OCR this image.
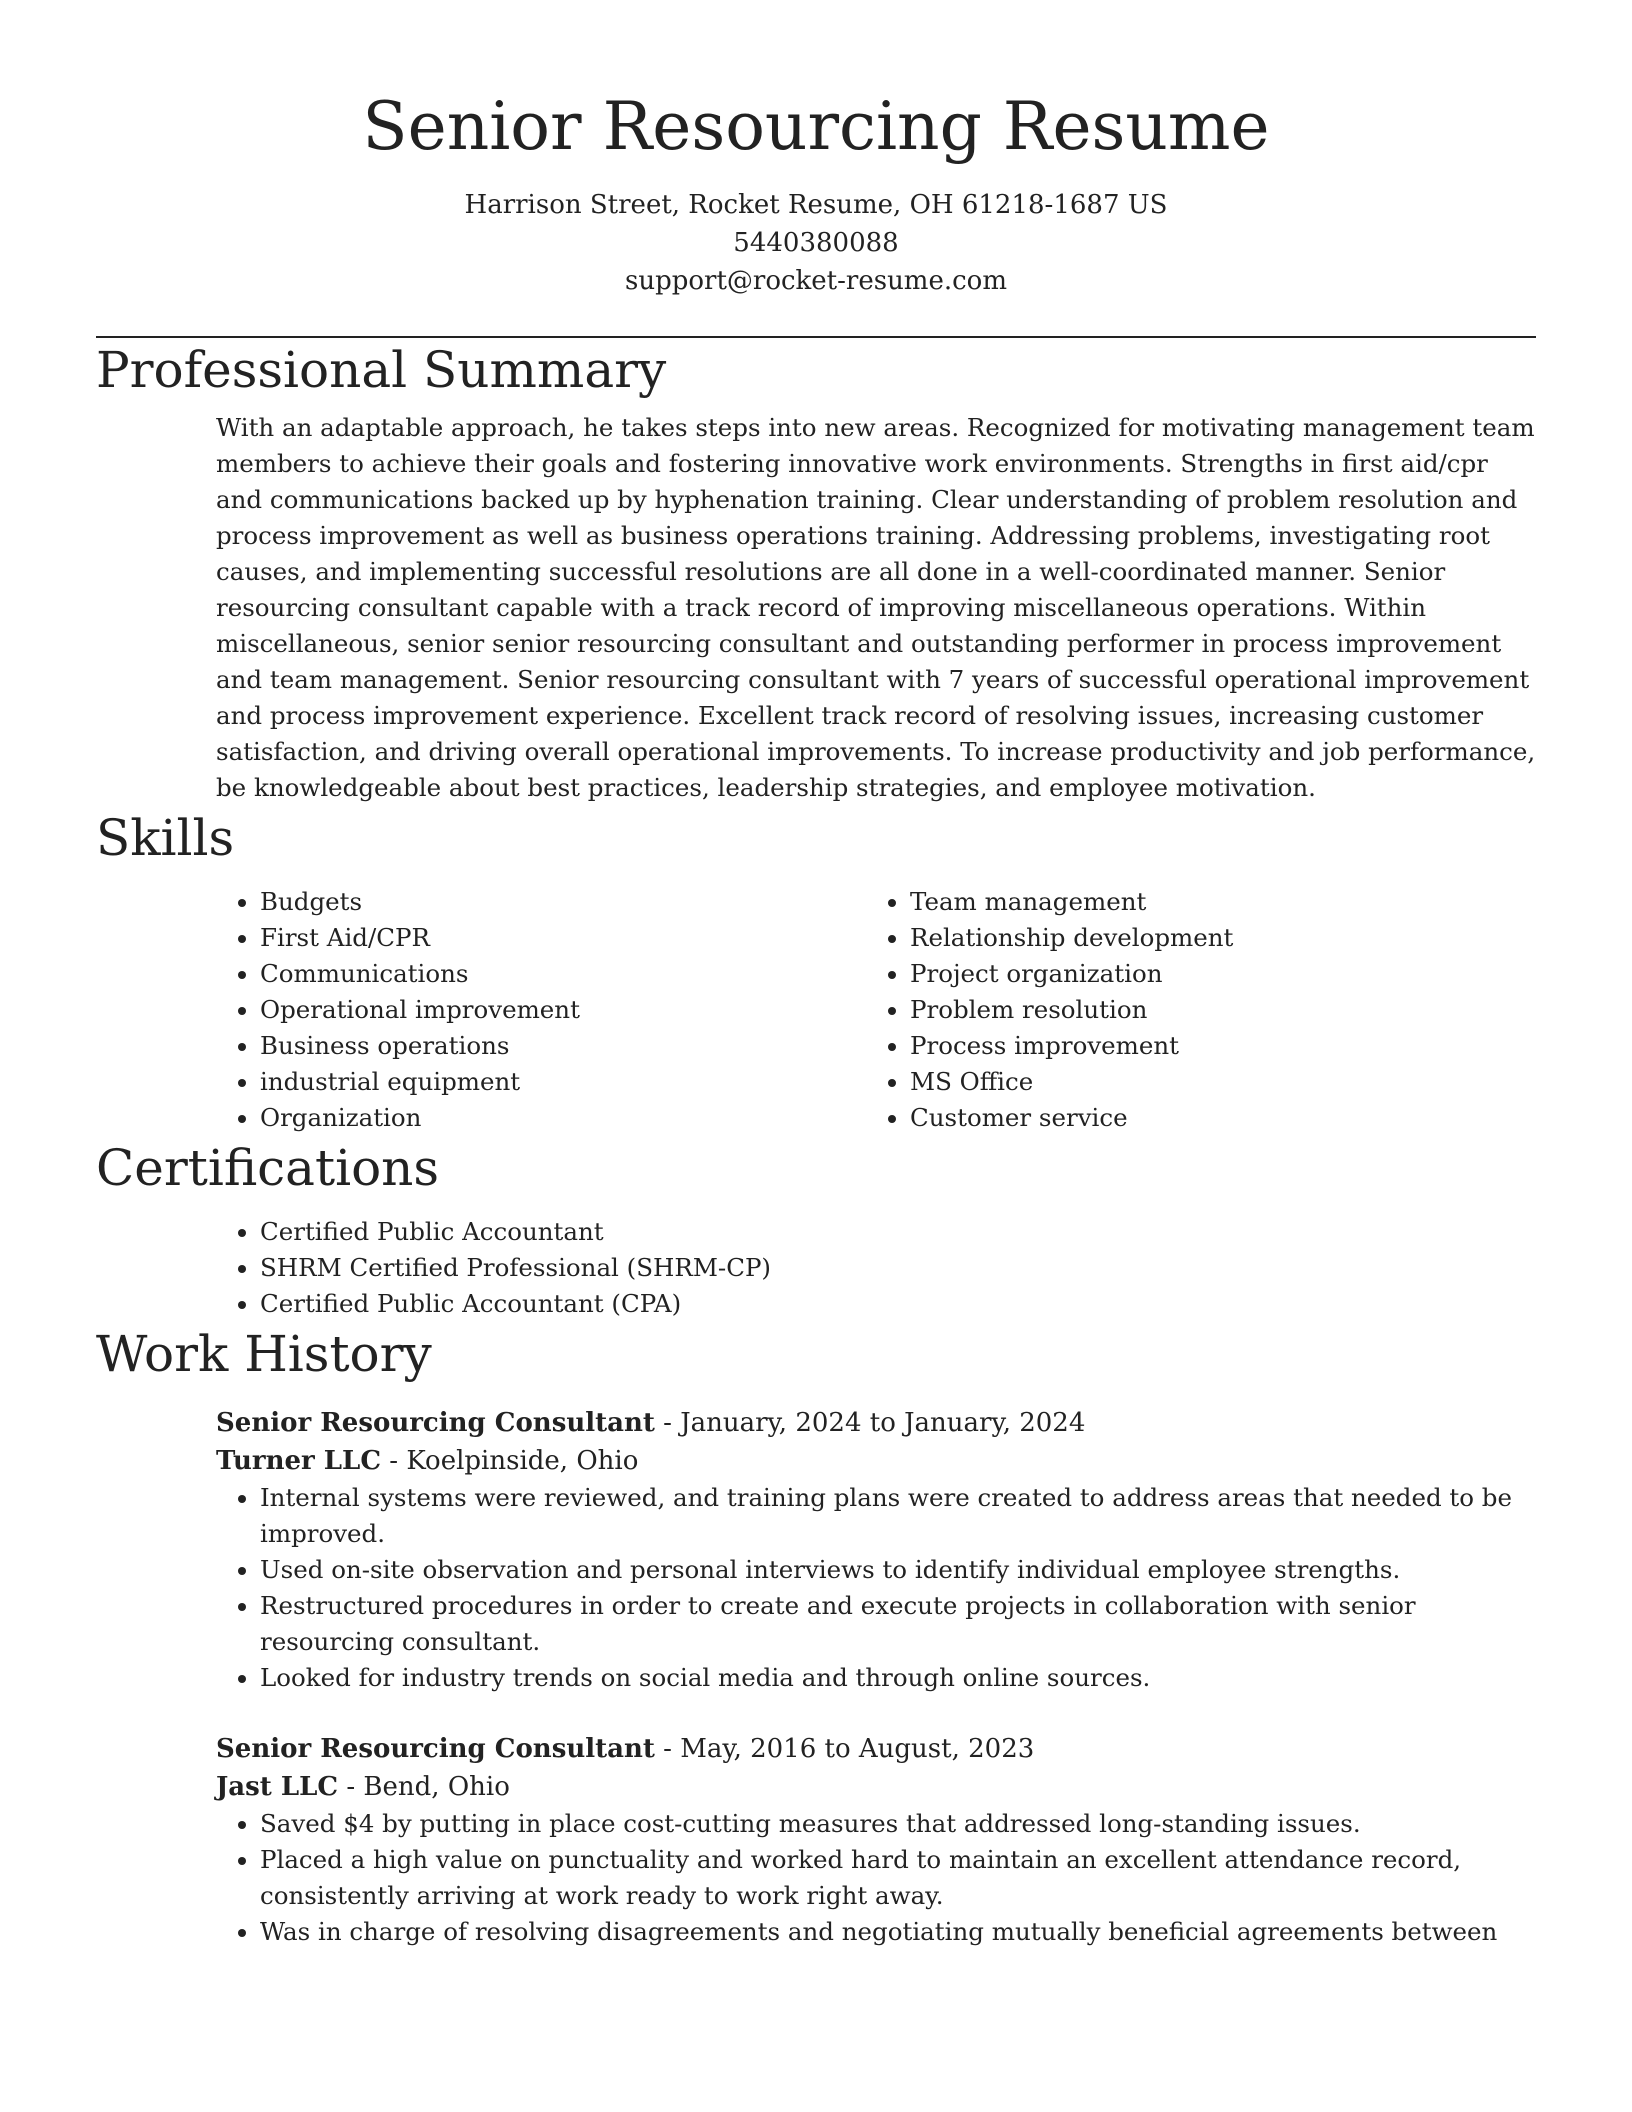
Senior Resourcing Resume
Harrison Street, Rocket Resume, OH 61218-1687 US
5440380088
support@rocket-resume.com
Professional Summary

With an adaptable approach, he takes steps into new areas. Recognized for motivating management team members to achieve their goals and fostering innovative work environments. Strengths in first aid/cpr and communications backed up by hyphenation training. Clear understanding of problem resolution and process improvement as well as business operations training. Addressing problems, investigating root causes, and implementing successful resolutions are all done in a well-coordinated manner. Senior resourcing consultant capable with a track record of improving miscellaneous operations. Within miscellaneous, senior senior resourcing consultant and outstanding performer in process improvement and team management. Senior resourcing consultant with 7 years of successful operational improvement and process improvement experience. Excellent track record of resolving issues, increasing customer satisfaction, and driving overall operational improvements. To increase productivity and job performance, be knowledgeable about best practices, leadership strategies, and employee motivation.

Skills
• Budgets
• First Aid/CPR
• Communications
• Operational improvement
• Business operations
• industrial equipment
• Organization
• Team management
• Relationship development
• Project organization
• Problem resolution
• Process improvement
• MS Office
• Customer service
Certifications
• Certified Public Accountant
• SHRM Certified Professional (SHRM-CP)
• Certified Public Accountant (CPA)
Work History
Senior Resourcing Consultant - January, 2024 to January, 2024
Turner LLC - Koelpinside, Ohio
• Internal systems were reviewed, and training plans were created to address areas that needed to be improved.
• Used on-site observation and personal interviews to identify individual employee strengths.
• Restructured procedures in order to create and execute projects in collaboration with senior resourcing consultant.
• Looked for industry trends on social media and through online sources.
Senior Resourcing Consultant - May, 2016 to August, 2023
Jast LLC - Bend, Ohio
• Saved $4 by putting in place cost-cutting measures that addressed long-standing issues.
• Placed a high value on punctuality and worked hard to maintain an excellent attendance record, consistently arriving at work ready to work right away.
• Was in charge of resolving disagreements and negotiating mutually beneficial agreements between
